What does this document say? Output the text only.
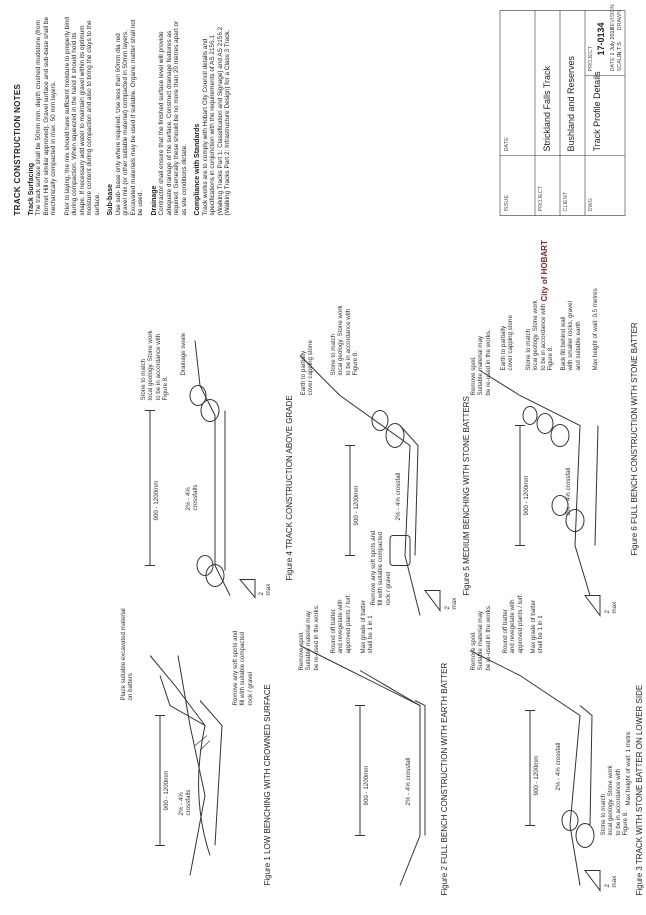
900 - 1200mm
2% - 4%
crossfalls
Place suitable excavated material
on batters
Remove any soft spots and
fill with suitable compacted
rock / gravel
Figure 1 LOW BENCHING WITH CROWNED SURFACE	900 - 1200mm	2% - 4% crossfall
Remove spoil.
Suitable material may
be re-used in the works.
Round off batter
and revegetate with
approved plants / turf.
Max grade of batter
shall be 1 in 1
Figure 2 FULL BENCH CONSTRUCTION WITH EARTH BATTER	900 - 1200mm 2% - 4% crossfall
2
max
Remove spoil.
Suitable material may
be re-used in the works.
Round off batter
and revegetate with
approved plants / turf.
Max grade of batter
shall be 1 in 1
Stone to match
local geology. Stone work
to be in accordance with
Figure 8.
Max height of wall: 1 metre Figure 3 TRACK WITH STONE BATTER ON LOWER SIDE
900 - 1200mm	2% - 4%
crossfalls
2
max
Stone to match
local geology. Stone work
to be in accordance with
Figure 8.
Drainage swale
Figure 4 TRACK CONSTRUCTION ABOVE GRADE	900 - 1200mm	2% - 4% crossfall
2
max
Earth to partially
cover capping stone
Stone to match
local geology. Stone work
to be in accordance with
Figure 8.
Remove any soft spots and
fill with suitable compacted
rock / gravel	Figure 5 MEDIUM BENCHING WITH STONE BATTERS	900 - 1200mm	2% - 4% crossfall
2
max
Remove spoil.
Suitable material may
be re-used in the works.
Earth to partially
cover capping stone
Stone to match
local geology. Stone work
to be in accordance with
Figure 8.
Back fill behind wall
with smaller rocks, gravel
and suitable earth Max height of wall: 0.5 metres	Figure 6 FULL BENCH CONSTRUCTION WITH STONE BATTER
TRACK CONSTRUCTION NOTES Track Surfacing The track surface shall be 50mm min. depth crushed mudstone (from Bonnet Hill or similar approved). Gravel surface and sub-base shall be mechanically compacted in max. 50 mm layers. Prior to laying, the mix should have sufficient moisture to properly bind during compaction. When squeezed in the hand it should hold its shape. If necessary add water to maintain gravel within its optimum moisture content during compaction and also to bring the clays to the surface. Sub-base Use sub- base only where required. Use less than 60mm dia red gravel mix (or other suitable material) compacted in 50mm layers. Excavated materials may be used if suitable. Organic matter shall not be used. Drainage Contractor shall ensure that the finished surface level will provide adequate drainage of the surface. Construct drainage features as required. Generally these should be no more than 20 metres apart or as site conditions dictate. Compliance with Standards Track works are to comply with Hobart City Council details and specifications in conjunction with the requirements of AS 2156.1 (Walking Tracks Part 1: Classification and Signage) and AS 2156.2 (Walking Tracks Part 2: Infrastructure Design) for a Class 3 Track.

City of HOBART
ISSUE
DATE
PROJECT
Strickland Falls Track
CLIENT
Bushland and Reserves
DWG
Track Profile Details
PROJECT
17-0134
DATE
1 July 2018
SCALE
N.T.S
REVISION DRAWN
